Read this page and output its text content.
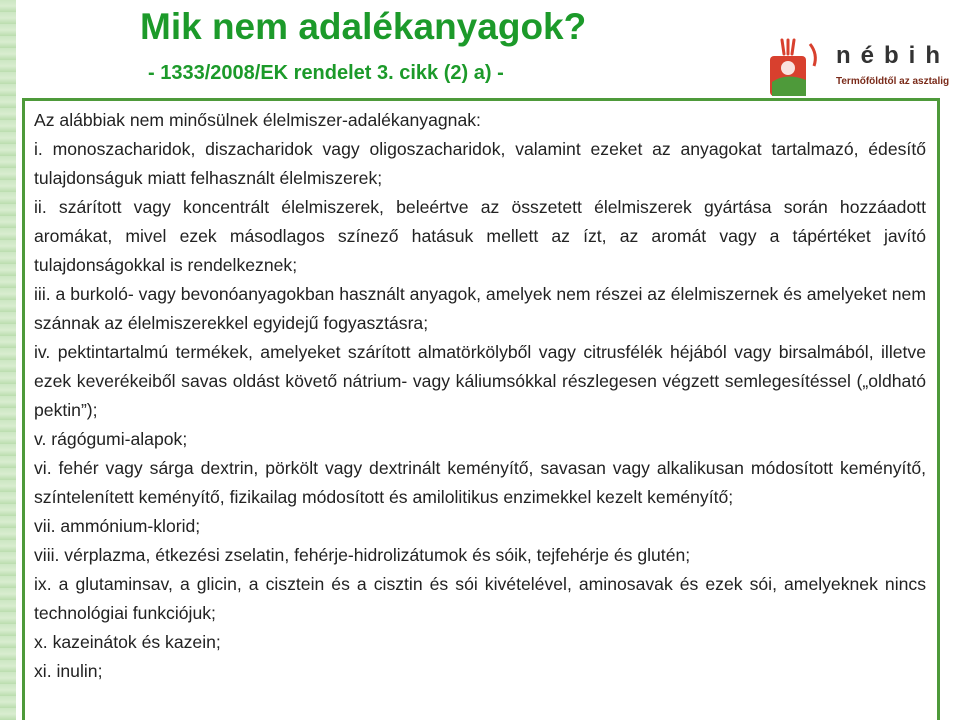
Mik nem adalékanyagok?
- 1333/2008/EK rendelet 3. cikk (2) a) -
nébih
Termőföldtől az asztalig

Az alábbiak nem minősülnek élelmiszer-adalékanyagnak:

i. monoszacharidok, diszacharidok vagy oligoszacharidok, valamint ezeket az anyagokat tartalmazó, édesítő tulajdonságuk miatt felhasznált élelmiszerek;

ii. szárított vagy koncentrált élelmiszerek, beleértve az összetett élelmiszerek gyártása során hozzáadott aromákat, mivel ezek másodlagos színező hatásuk mellett az ízt, az aromát vagy a tápértéket javító tulajdonságokkal is rendelkeznek;

iii. a burkoló- vagy bevonóanyagokban használt anyagok, amelyek nem részei az élelmiszernek és amelyeket nem szánnak az élelmiszerekkel egyidejű fogyasztásra;

iv. pektintartalmú termékek, amelyeket szárított almatörkölyből vagy citrusfélék héjából vagy birsalmából, illetve ezek keverékeiből savas oldást követő nátrium- vagy káliumsókkal részlegesen végzett semlegesítéssel („oldható pektin”);

v. rágógumi-alapok;

vi. fehér vagy sárga dextrin, pörkölt vagy dextrinált keményítő, savasan vagy alkalikusan módosított keményítő, színtelenített keményítő, fizikailag módosított és amilolitikus enzimekkel kezelt keményítő;

vii. ammónium-klorid;

viii. vérplazma, étkezési zselatin, fehérje-hidrolizátumok és sóik, tejfehérje és glutén;

ix. a glutaminsav, a glicin, a cisztein és a cisztin és sói kivételével, aminosavak és ezek sói, amelyeknek nincs technológiai funkciójuk;

x. kazeinátok és kazein;

xi. inulin;
